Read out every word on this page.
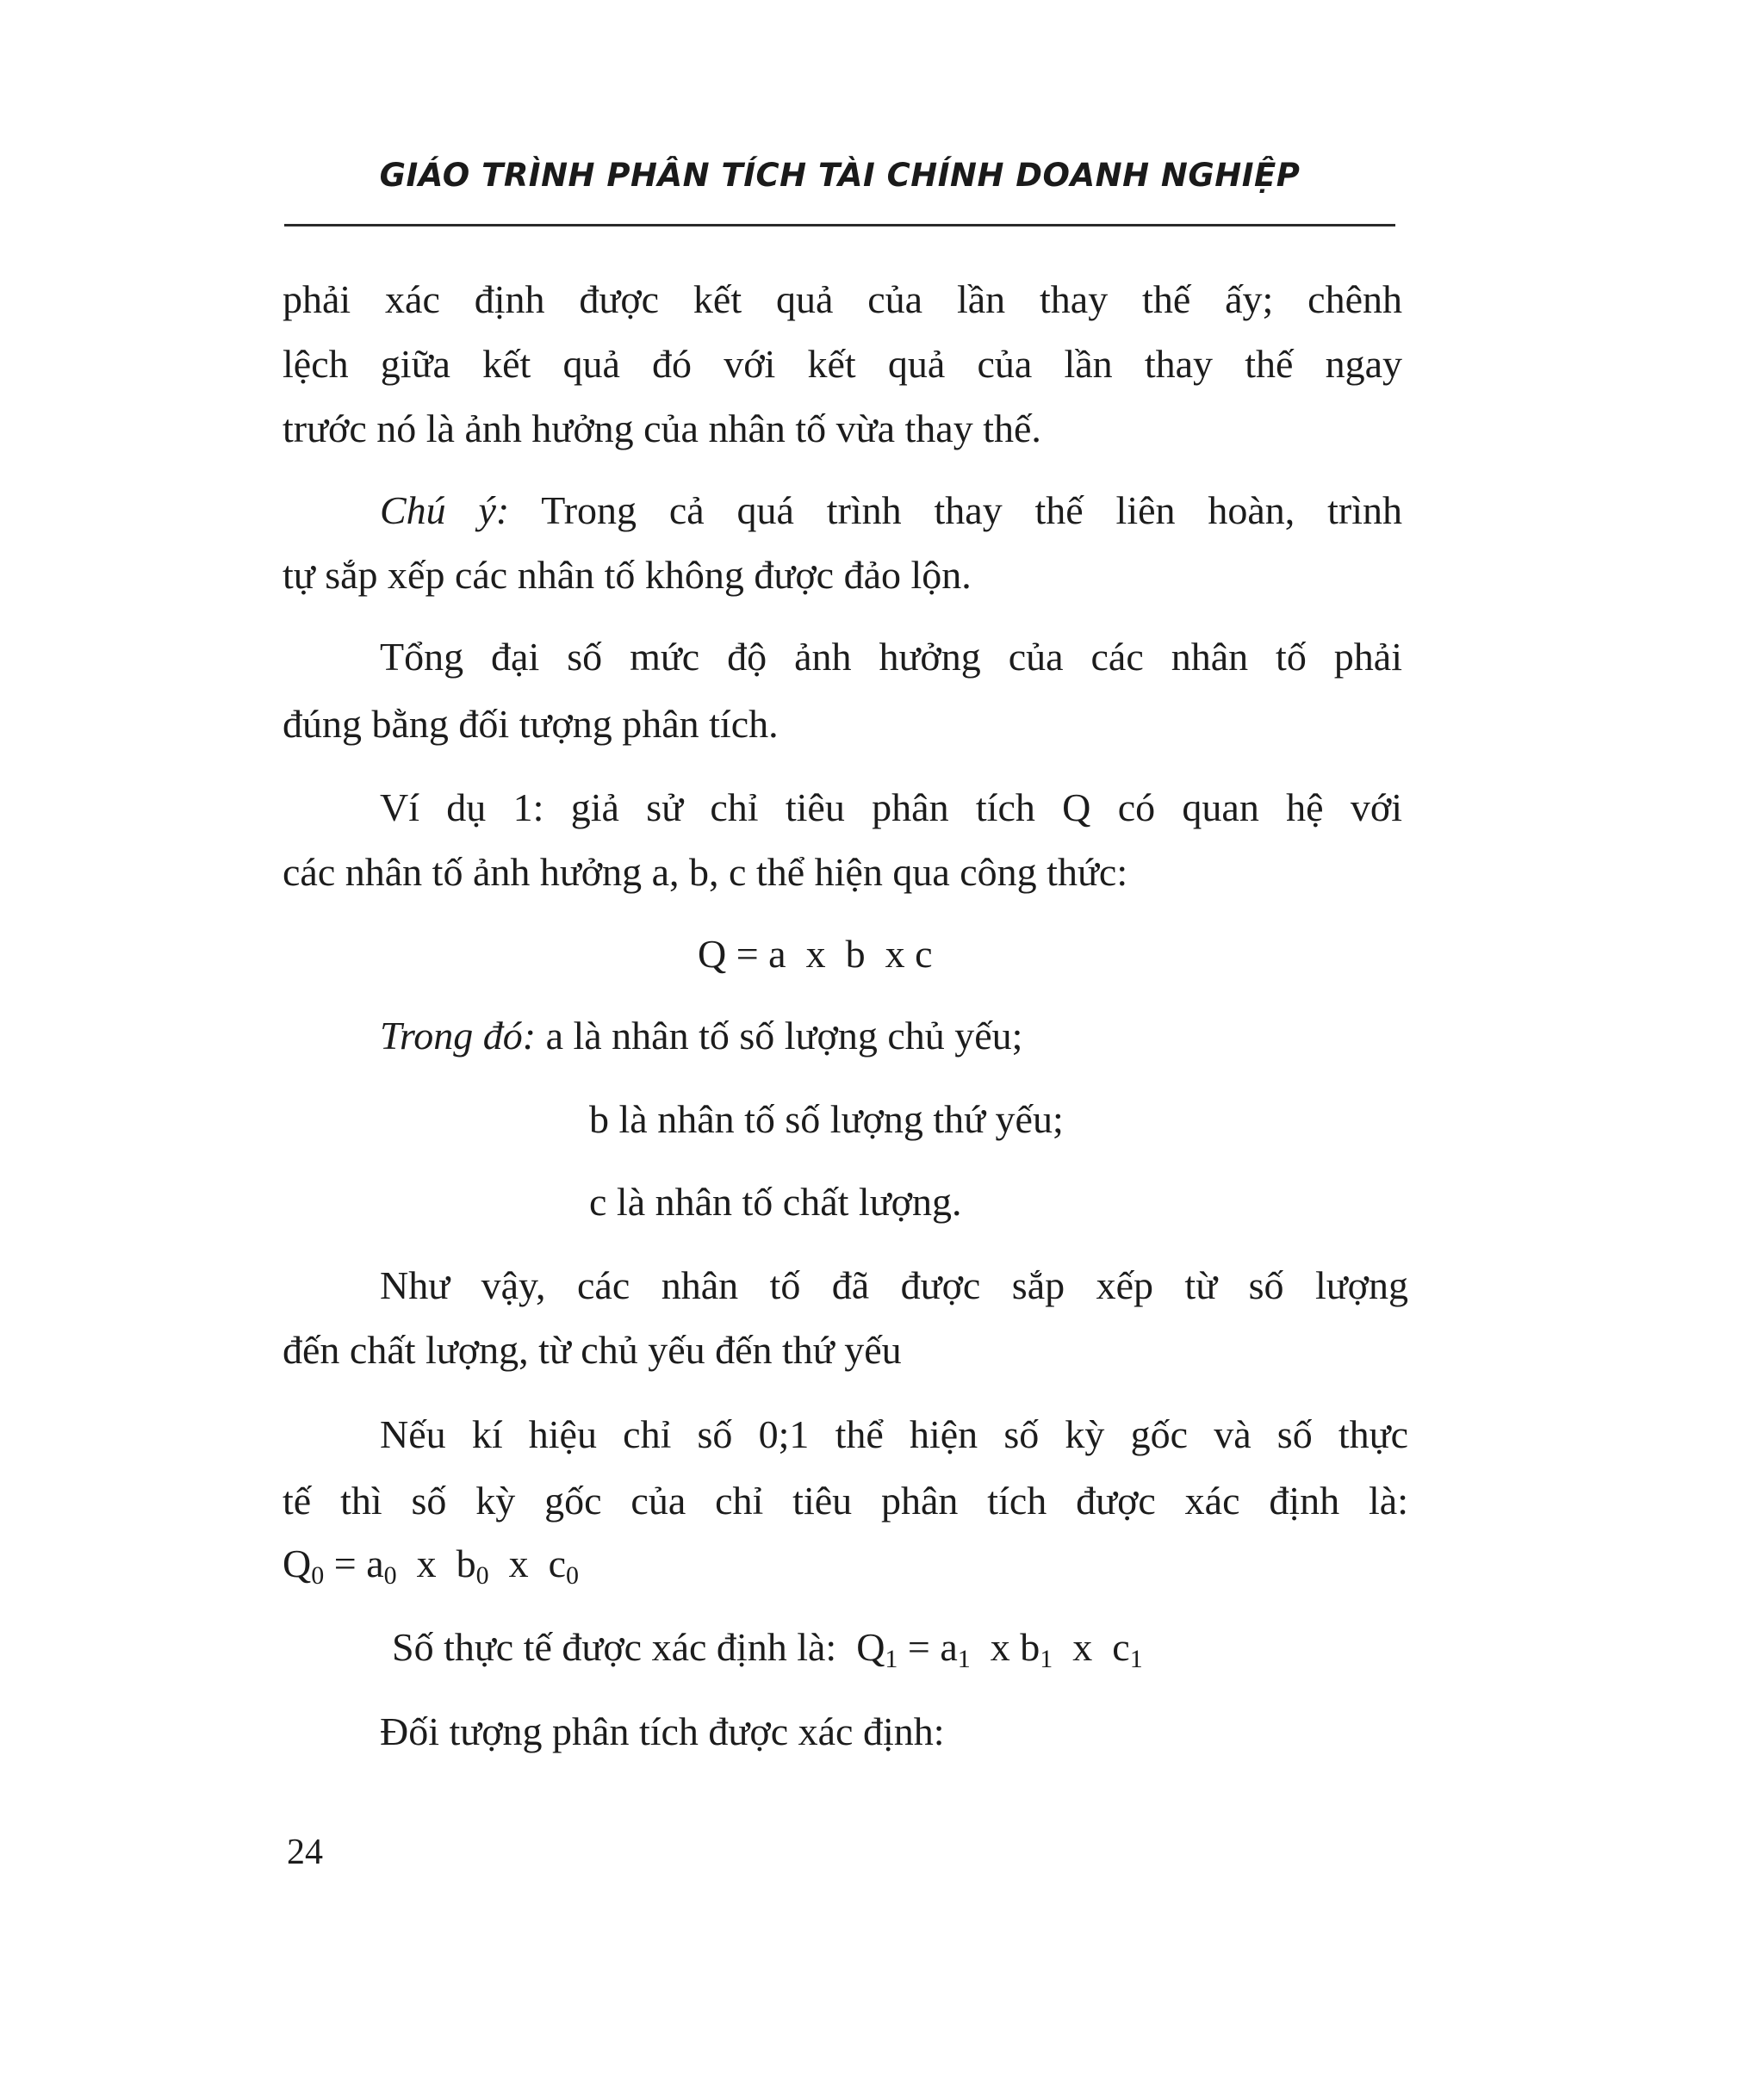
GIÁO TRÌNH PHÂN TÍCH TÀI CHÍNH DOANH NGHIỆP
phải xác định được kết quả của lần thay thế ấy; chênh
lệch giữa kết quả đó với kết quả của lần thay thế ngay
trước nó là ảnh hưởng của nhân tố vừa thay thế.
Chú ý: Trong cả quá trình thay thế liên hoàn, trình
tự sắp xếp các nhân tố không được đảo lộn.
Tổng đại số mức độ ảnh hưởng của các nhân tố phải
đúng bằng đối tượng phân tích.
Ví dụ 1: giả sử chỉ tiêu phân tích Q có quan hệ với
các nhân tố ảnh hưởng a, b, c thể hiện qua công thức:
Q = a  x  b  x c
Trong đó: a là nhân tố số lượng chủ yếu;
b là nhân tố số lượng thứ yếu;
c là nhân tố chất lượng.
Như vậy, các nhân tố đã được sắp xếp từ số lượng
đến chất lượng, từ chủ yếu đến thứ yếu
Nếu kí hiệu chỉ số 0;1 thể hiện số kỳ gốc và số thực
tế thì số kỳ gốc của chỉ tiêu phân tích được xác định là:
$Q_0 = a_0$  x  $b_0$  x  $c_0$
Số thực tế được xác định là:  $Q_1 = a_1$  x $b_1$  x  $c_1$
Đối tượng phân tích được xác định:
24
